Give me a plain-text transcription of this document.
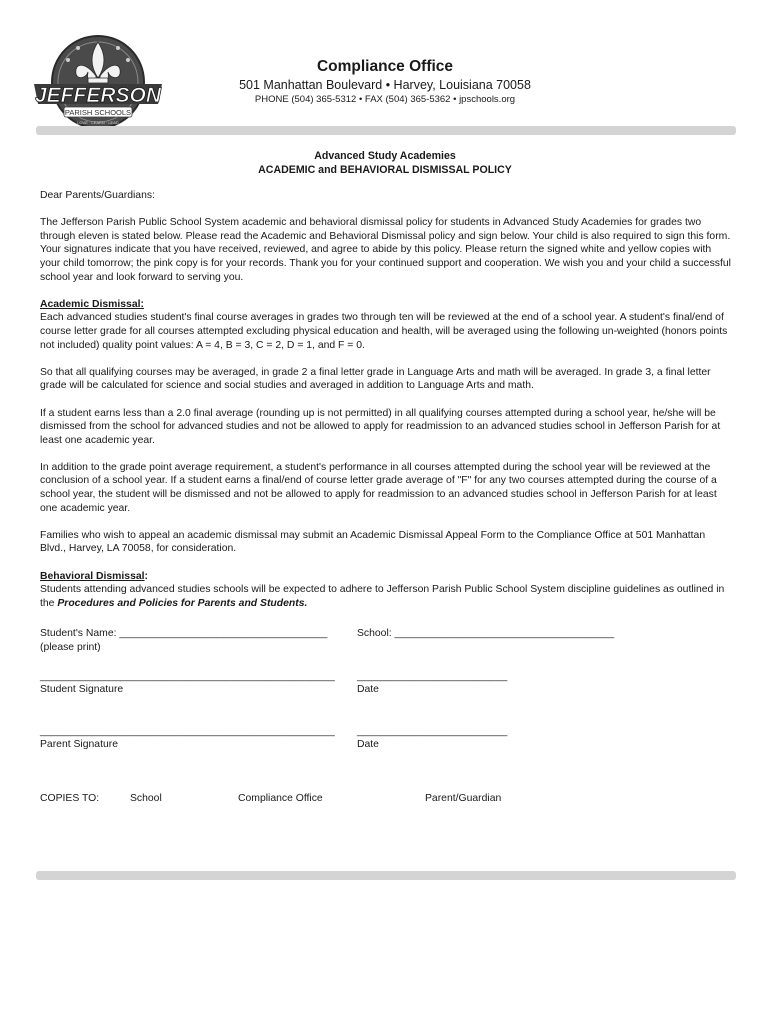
JEFFERSON
PARISH SCHOOLS
LOVE · LEARN · LEAD
Compliance Office
501 Manhattan Boulevard • Harvey, Louisiana 70058
PHONE (504) 365-5312 • FAX (504) 365-5362 • jpschools.org
Advanced Study Academies
ACADEMIC and BEHAVIORAL DISMISSAL POLICY

Dear Parents/Guardians:

The Jefferson Parish Public School System academic and behavioral dismissal policy for students in Advanced Study Academies for grades two through eleven is stated below. Please read the Academic and Behavioral Dismissal policy and sign below. Your child is also required to sign this form. Your signatures indicate that you have received, reviewed, and agree to abide by this policy. Please return the signed white and yellow copies with your child tomorrow; the pink copy is for your records. Thank you for your continued support and cooperation. We wish you and your child a successful school year and look forward to serving you.

Academic Dismissal:

Each advanced studies student's final course averages in grades two through ten will be reviewed at the end of a school year. A student's final/end of course letter grade for all courses attempted excluding physical education and health, will be averaged using the following un-weighted (honors points not included) quality point values: A = 4, B = 3, C = 2, D = 1, and F = 0.

So that all qualifying courses may be averaged, in grade 2 a final letter grade in Language Arts and math will be averaged. In grade 3, a final letter grade will be calculated for science and social studies and averaged in addition to Language Arts and math.

If a student earns less than a 2.0 final average (rounding up is not permitted) in all qualifying courses attempted during a school year, he/she will be dismissed from the school for advanced studies and not be allowed to apply for readmission to an advanced studies school in Jefferson Parish for at least one academic year.

In addition to the grade point average requirement, a student's performance in all courses attempted during the school year will be reviewed at the conclusion of a school year. If a student earns a final/end of course letter grade average of "F" for any two courses attempted during the course of a school year, the student will be dismissed and not be allowed to apply for readmission to an advanced studies school in Jefferson Parish for at least one academic year.

Families who wish to appeal an academic dismissal may submit an Academic Dismissal Appeal Form to the Compliance Office at 501 Manhattan Blvd., Harvey, LA 70058, for consideration.

Behavioral Dismissal:

Students attending advanced studies schools will be expected to adhere to Jefferson Parish Public School System discipline guidelines as outlined in the Procedures and Policies for Parents and Students.

Student's Name: ____________________________________
(please print)
School: ______________________________________
___________________________________________________
Student Signature
__________________________
Date
___________________________________________________
Parent Signature
__________________________
Date
COPIES TO:	School	Compliance Office	Parent/Guardian
